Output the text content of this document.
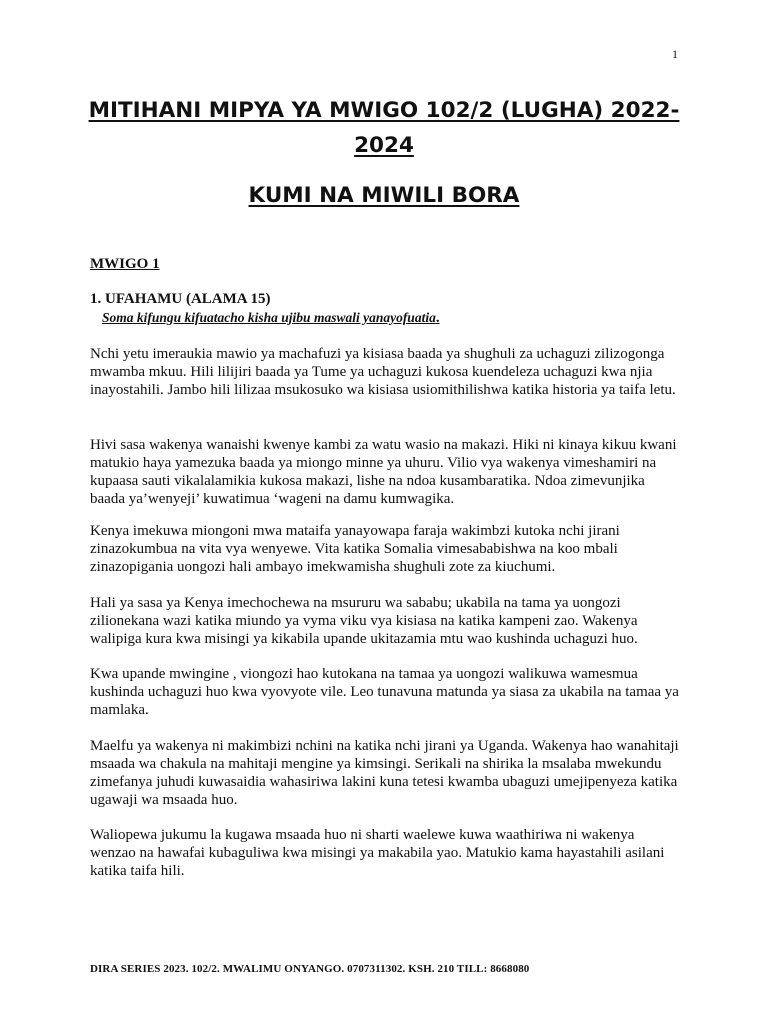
1
MITIHANI MIPYA YA MWIGO 102/2 (LUGHA) 2022-2024
KUMI NA MIWILI BORA

MWIGO 1

1. UFAHAMU (ALAMA 15)

Soma kifungu kifuatacho kisha ujibu maswali yanayofuatia.

Nchi yetu imeraukia mawio ya machafuzi ya kisiasa baada ya shughuli za uchaguzi zilizogonga mwamba mkuu. Hili lilijiri baada ya Tume ya uchaguzi kukosa kuendeleza uchaguzi kwa njia inayostahili. Jambo hili lilizaa msukosuko wa kisiasa usiomithilishwa katika historia ya taifa letu.

Hivi sasa wakenya wanaishi kwenye kambi za watu wasio na makazi. Hiki ni kinaya kikuu kwani matukio haya yamezuka baada ya miongo minne ya uhuru. Vilio vya wakenya vimeshamiri na kupaasa sauti vikalalamikia kukosa makazi, lishe na ndoa kusambaratika. Ndoa zimevunjika baada ya’wenyeji’ kuwatimua ‘wageni na damu kumwagika.

Kenya imekuwa miongoni mwa mataifa yanayowapa faraja wakimbzi kutoka nchi jirani zinazokumbua na vita vya wenyewe. Vita katika Somalia vimesababishwa na koo mbali zinazopigania uongozi hali ambayo imekwamisha shughuli zote za kiuchumi.

Hali ya sasa ya Kenya imechochewa na msururu wa sababu; ukabila na tama ya uongozi zilionekana wazi katika miundo ya vyma viku vya kisiasa na katika kampeni zao. Wakenya walipiga kura kwa misingi ya kikabila upande ukitazamia mtu wao kushinda uchaguzi huo.

Kwa upande mwingine , viongozi hao kutokana na tamaa ya uongozi walikuwa wamesmua kushinda uchaguzi huo kwa vyovyote vile. Leo tunavuna matunda ya siasa za ukabila na tamaa ya mamlaka.

Maelfu ya wakenya ni makimbizi nchini na katika nchi jirani ya Uganda. Wakenya hao wanahitaji msaada wa chakula na mahitaji mengine ya kimsingi. Serikali na shirika la msalaba mwekundu zimefanya juhudi kuwasaidia wahasiriwa lakini kuna tetesi kwamba ubaguzi umejipenyeza katika ugawaji wa msaada huo.

Waliopewa jukumu la kugawa msaada huo ni sharti waelewe kuwa waathiriwa ni wakenya wenzao na hawafai kubaguliwa kwa misingi ya makabila yao. Matukio kama hayastahili asilani katika taifa hili.

DIRA SERIES 2023. 102/2. MWALIMU ONYANGO. 0707311302. KSH. 210 TILL: 8668080
